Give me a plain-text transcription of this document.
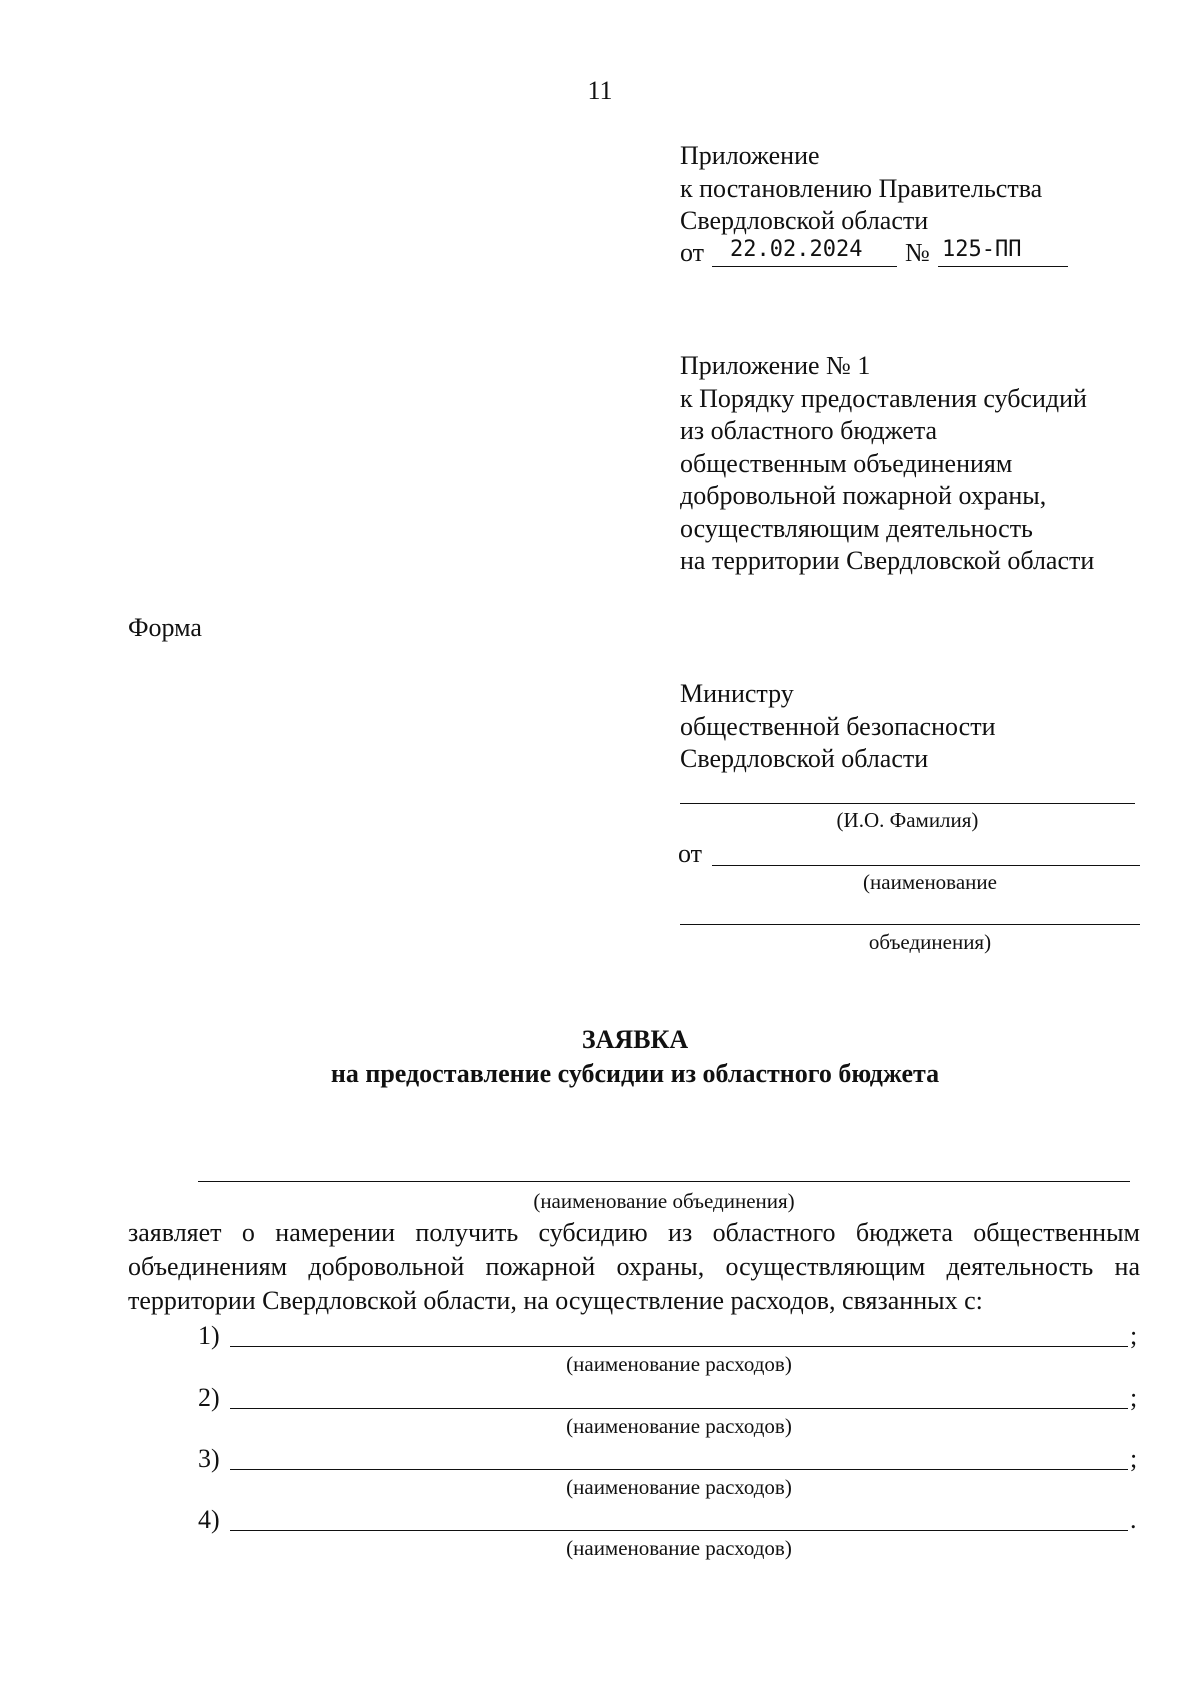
11
Приложение
к постановлению Правительства
Свердловской области
от 22.02.2024 № 125-ПП
Приложение № 1
к Порядку предоставления субсидий
из областного бюджета
общественным объединениям
добровольной пожарной охраны,
осуществляющим деятельность
на территории Свердловской области
Форма
Министру
общественной безопасности
Свердловской области
(И.О. Фамилия)
от
(наименование
объединения)
ЗАЯВКА
на предоставление субсидии из областного бюджета
(наименование объединения)
заявляет о намерении получить субсидию из областного бюджета общественным
объединениям добровольной пожарной охраны, осуществляющим деятельность на
территории Свердловской области, на осуществление расходов, связанных с:
1)	;
(наименование расходов)
2)	;
(наименование расходов)
3)	;
(наименование расходов)
4)	.
(наименование расходов)
